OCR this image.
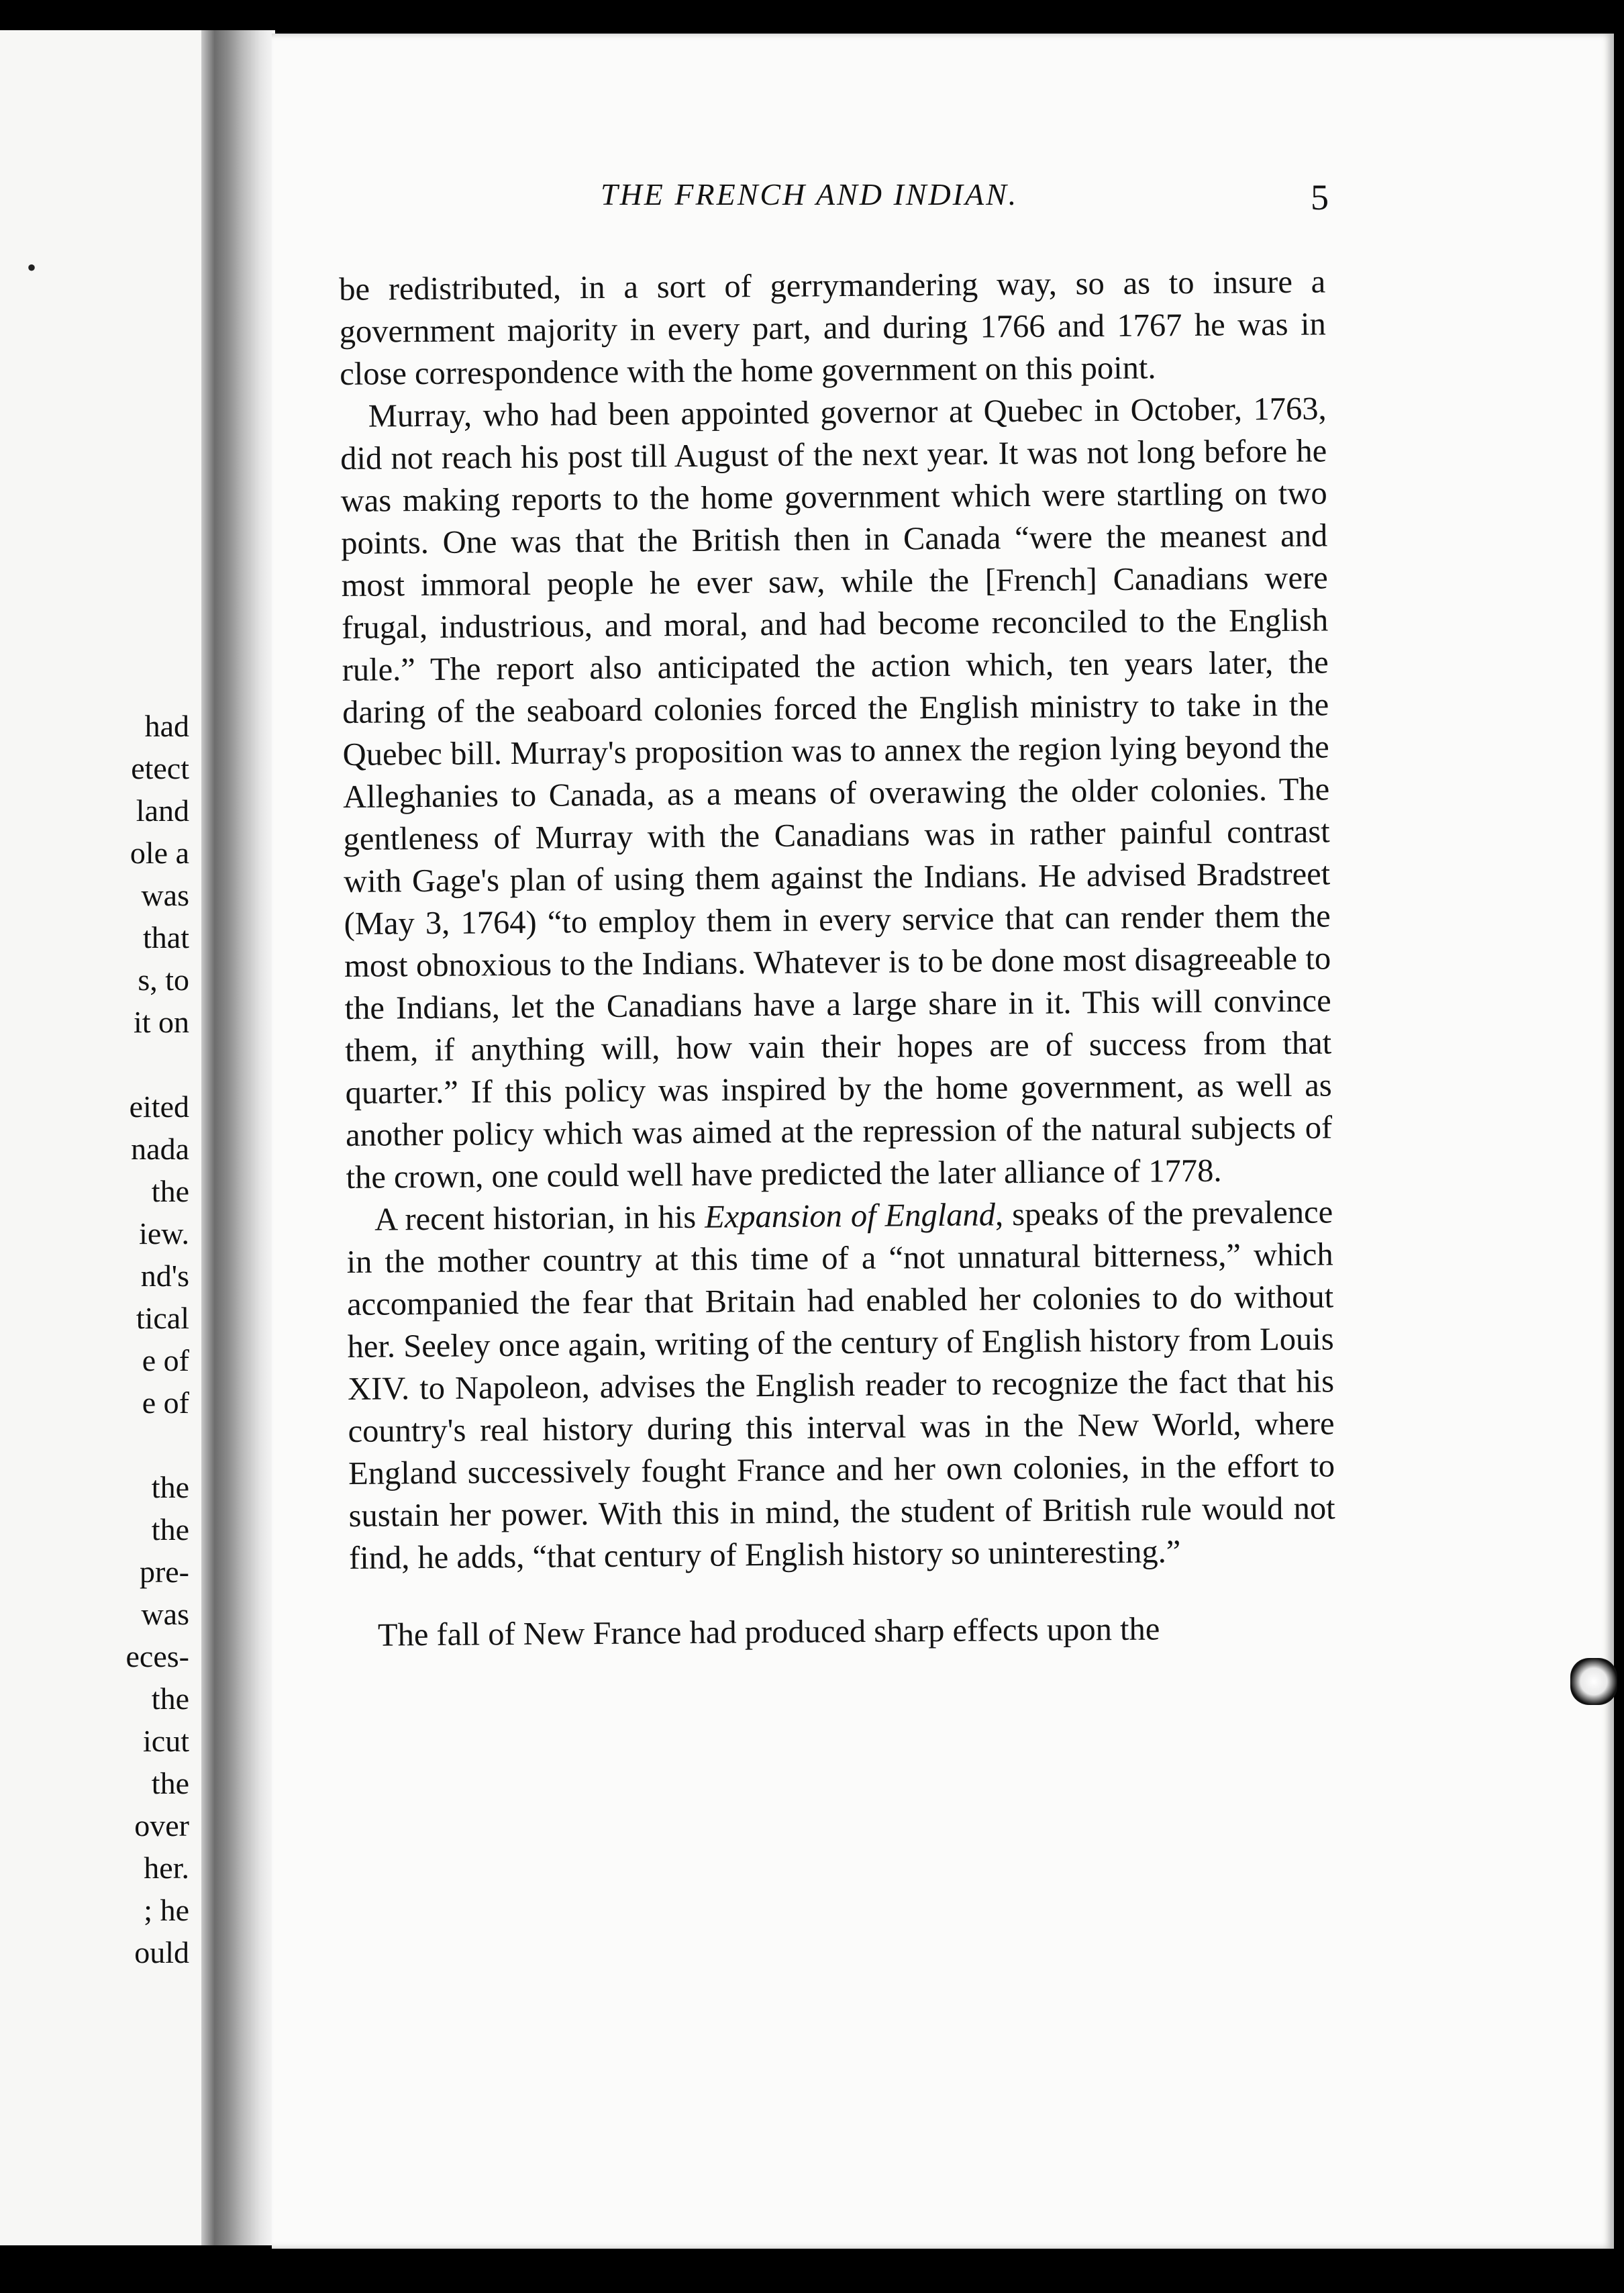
•
had
etect
land
ole a
was
that
s, to
it on
eited
nada
the
iew.
nd's
tical
e of
e of
the
the
pre-
was
eces-
the
icut
the
over
her.
; he
ould
THE FRENCH AND INDIAN.	5

be redistributed, in a sort of gerrymandering way, so as to insure a government majority in every part, and during 1766 and 1767 he was in close correspondence with the home government on this point.

Murray, who had been appointed governor at Quebec in October, 1763, did not reach his post till August of the next year. It was not long before he was making reports to the home government which were startling on two points. One was that the British then in Canada “were the meanest and most immoral people he ever saw, while the [French] Canadians were frugal, industrious, and moral, and had become reconciled to the English rule.” The report also anticipated the action which, ten years later, the daring of the seaboard colonies forced the English ministry to take in the Quebec bill. Murray's proposition was to annex the region lying beyond the Alleghanies to Canada, as a means of overawing the older colonies. The gentleness of Murray with the Canadians was in rather painful contrast with Gage's plan of using them against the Indians. He advised Bradstreet (May 3, 1764) “to employ them in every service that can render them the most obnoxious to the Indians. Whatever is to be done most disagreeable to the Indians, let the Canadians have a large share in it. This will convince them, if anything will, how vain their hopes are of success from that quarter.” If this policy was inspired by the home government, as well as another policy which was aimed at the repression of the natural subjects of the crown, one could well have predicted the later alliance of 1778.

A recent historian, in his Expansion of England, speaks of the prevalence in the mother country at this time of a “not unnatural bitterness,” which accompanied the fear that Britain had enabled her colonies to do without her. Seeley once again, writing of the century of English history from Louis XIV. to Napoleon, advises the English reader to recognize the fact that his country's real history during this interval was in the New World, where England successively fought France and her own colonies, in the effort to sustain her power. With this in mind, the student of British rule would not find, he adds, “that century of English history so uninteresting.”

The fall of New France had produced sharp effects upon the
